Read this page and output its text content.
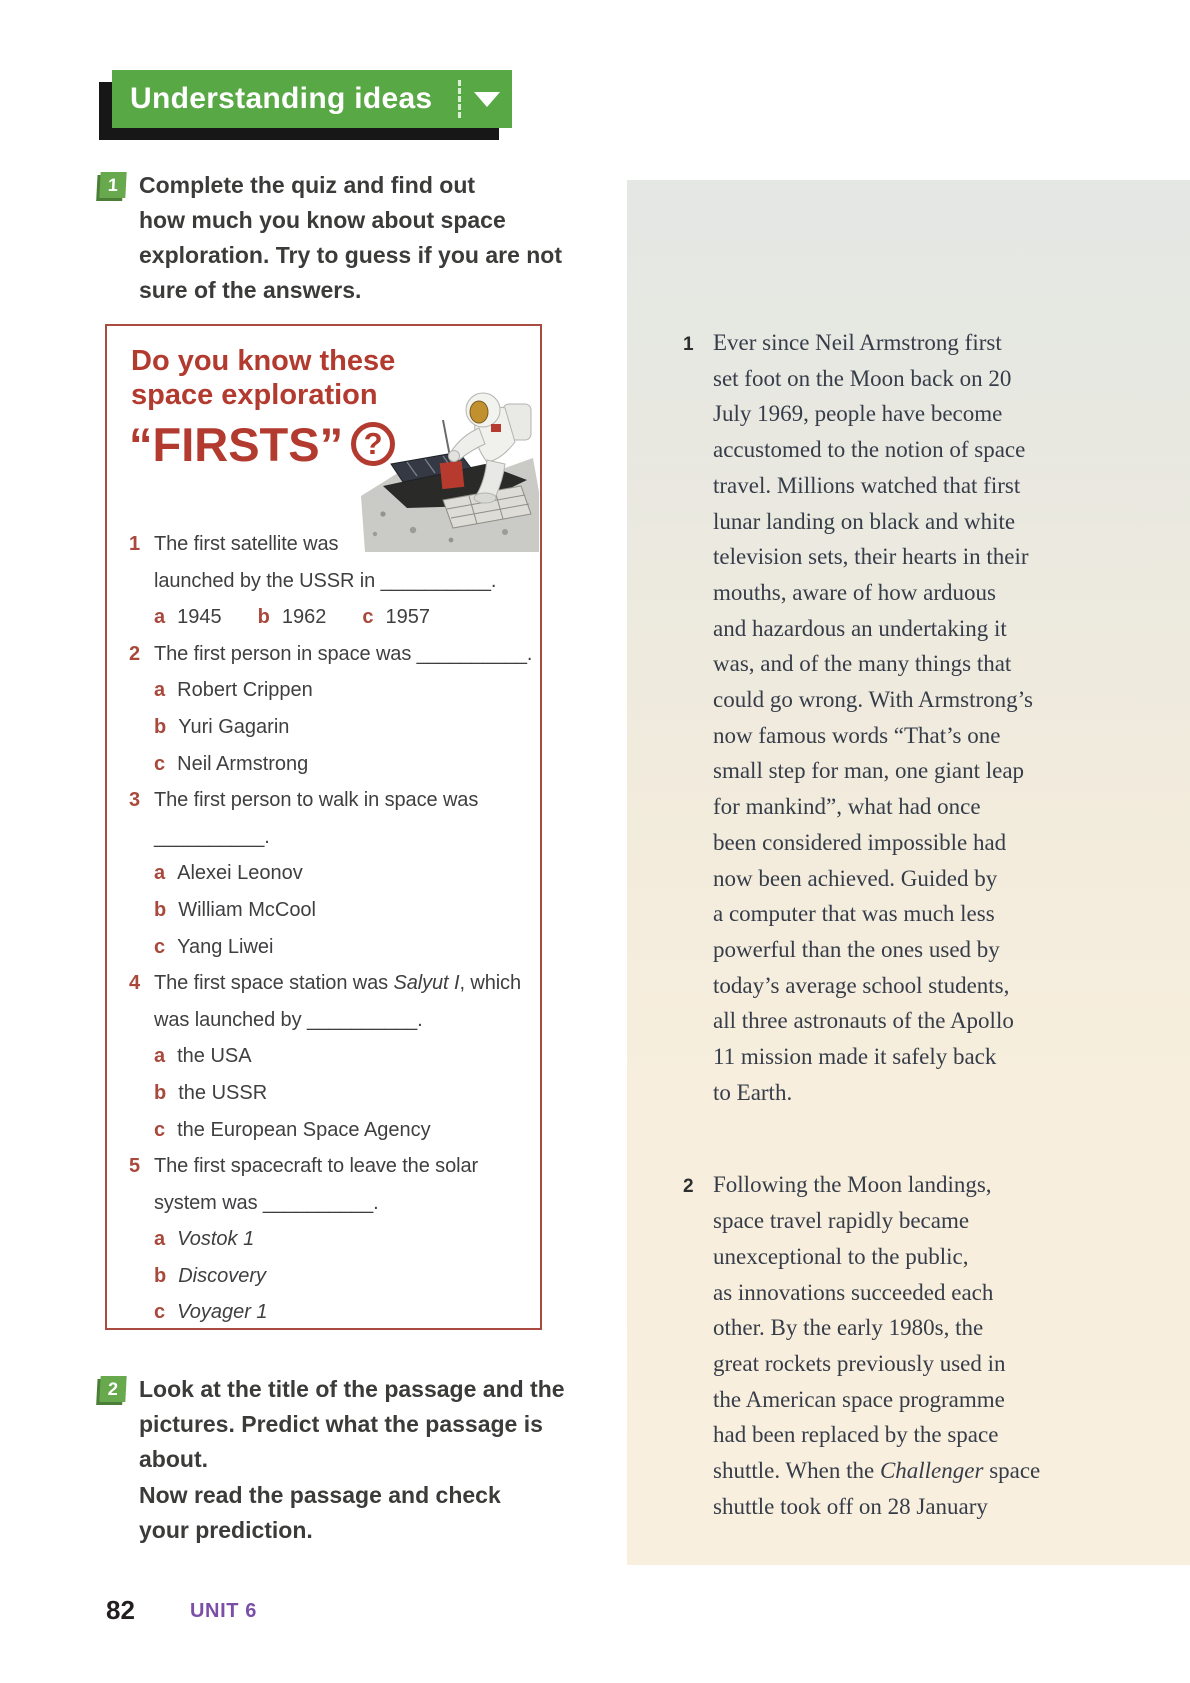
Understanding ideas
1 Complete the quiz and find out
how much you know about space
exploration. Try to guess if you are not
sure of the answers.
Do you know these
space exploration
“FIRSTS” ?
1 The first satellite was
launched by the USSR in __________.
a 1945 b 1962 c 1957
2 The first person in space was __________.
a Robert Crippen
b Yuri Gagarin
c Neil Armstrong
3 The first person to walk in space was
__________.
a Alexei Leonov
b William McCool
c Yang Liwei
4 The first space station was Salyut I, which
was launched by __________.
a the USA
b the USSR
c the European Space Agency
5 The first spacecraft to leave the solar
system was __________.
a Vostok 1
b Discovery
c Voyager 1
2 Look at the title of the passage and the
pictures. Predict what the passage is about.
Now read the passage and check
your prediction.
1 Ever since Neil Armstrong first
set foot on the Moon back on 20
July 1969, people have become
accustomed to the notion of space
travel. Millions watched that first
lunar landing on black and white
television sets, their hearts in their
mouths, aware of how arduous
and hazardous an undertaking it
was, and of the many things that
could go wrong. With Armstrong’s
now famous words “That’s one
small step for man, one giant leap
for mankind”, what had once
been considered impossible had
now been achieved. Guided by
a computer that was much less
powerful than the ones used by
today’s average school students,
all three astronauts of the Apollo
11 mission made it safely back
to Earth.
2 Following the Moon landings,
space travel rapidly became
unexceptional to the public,
as innovations succeeded each
other. By the early 1980s, the
great rockets previously used in
the American space programme
had been replaced by the space
shuttle. When the Challenger space
shuttle took off on 28 January
82	UNIT 6
